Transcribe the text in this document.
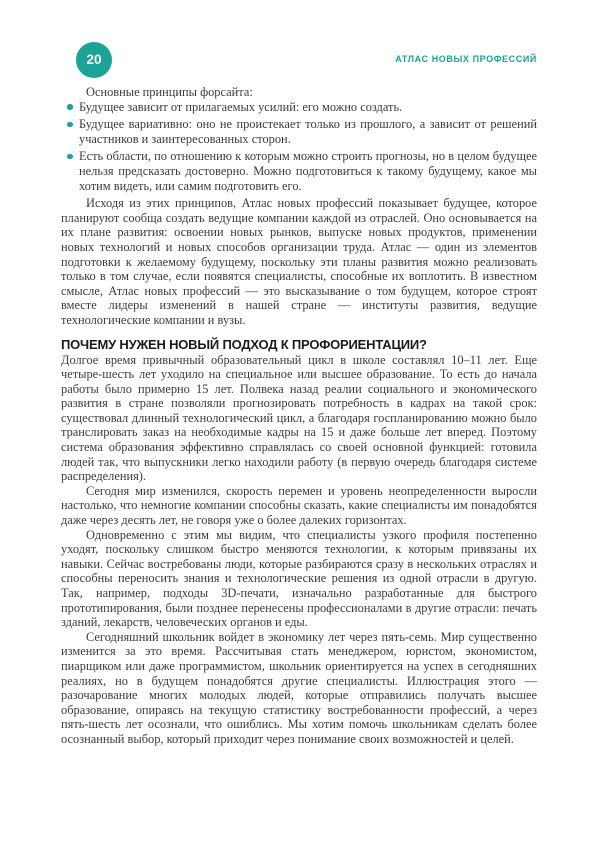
20	АТЛАС НОВЫХ ПРОФЕССИЙ

Основные принципы форсайта:

Будущее зависит от прилагаемых усилий: его можно создать.
Будущее вариативно: оно не проистекает только из прошлого, а зависит от решений участников и заинтересованных сторон.
Есть области, по отношению к которым можно строить прогнозы, но в целом будущее нельзя предсказать достоверно. Можно подготовиться к такому будущему, какое мы хотим видеть, или самим подготовить его.

Исходя из этих принципов, Атлас новых профессий показывает будущее, которое планируют сообща создать ведущие компании каждой из отраслей. Оно основывается на их плане развития: освоении новых рынков, выпуске новых продуктов, применении новых технологий и новых способов организации труда. Атлас — один из элементов подготовки к желаемому будущему, поскольку эти планы развития можно реализовать только в том случае, если появятся специалисты, способные их воплотить. В известном смысле, Атлас новых профессий — это высказывание о том будущем, которое строят вместе лидеры изменений в нашей стране — институты развития, ведущие технологические компании и вузы.

ПОЧЕМУ НУЖЕН НОВЫЙ ПОДХОД К ПРОФОРИЕНТАЦИИ?

Долгое время привычный образовательный цикл в школе составлял 10–11 лет. Еще четыре-шесть лет уходило на специальное или высшее образование. То есть до начала работы было примерно 15 лет. Полвека назад реалии социального и экономического развития в стране позволяли прогнозировать потребность в кадрах на такой срок: существовал длинный технологический цикл, а благодаря госпланированию можно было транслировать заказ на необходимые кадры на 15 и даже больше лет вперед. Поэтому система образования эффективно справлялась со своей основной функцией: готовила людей так, что выпускники легко находили работу (в первую очередь благодаря системе распределения).

Сегодня мир изменился, скорость перемен и уровень неопределенности выросли настолько, что немногие компании способны сказать, какие специалисты им понадобятся даже через десять лет, не говоря уже о более далеких горизонтах.

Одновременно с этим мы видим, что специалисты узкого профиля постепенно уходят, поскольку слишком быстро меняются технологии, к которым привязаны их навыки. Сейчас востребованы люди, которые разбираются сразу в нескольких отраслях и способны переносить знания и технологические решения из одной отрасли в другую. Так, например, подходы 3D-печати, изначально разработанные для быстрого прототипирования, были позднее перенесены профессионалами в другие отрасли: печать зданий, лекарств, человеческих органов и еды.

Сегодняшний школьник войдет в экономику лет через пять-семь. Мир существенно изменится за это время. Рассчитывая стать менеджером, юристом, экономистом, пиарщиком или даже программистом, школьник ориентируется на успех в сегодняшних реалиях, но в будущем понадобятся другие специалисты. Иллюстрация этого — разочарование многих молодых людей, которые отправились получать высшее образование, опираясь на текущую статистику востребованности профессий, а через пять-шесть лет осознали, что ошиблись. Мы хотим помочь школьникам сделать более осознанный выбор, который приходит через понимание своих возможностей и целей.
